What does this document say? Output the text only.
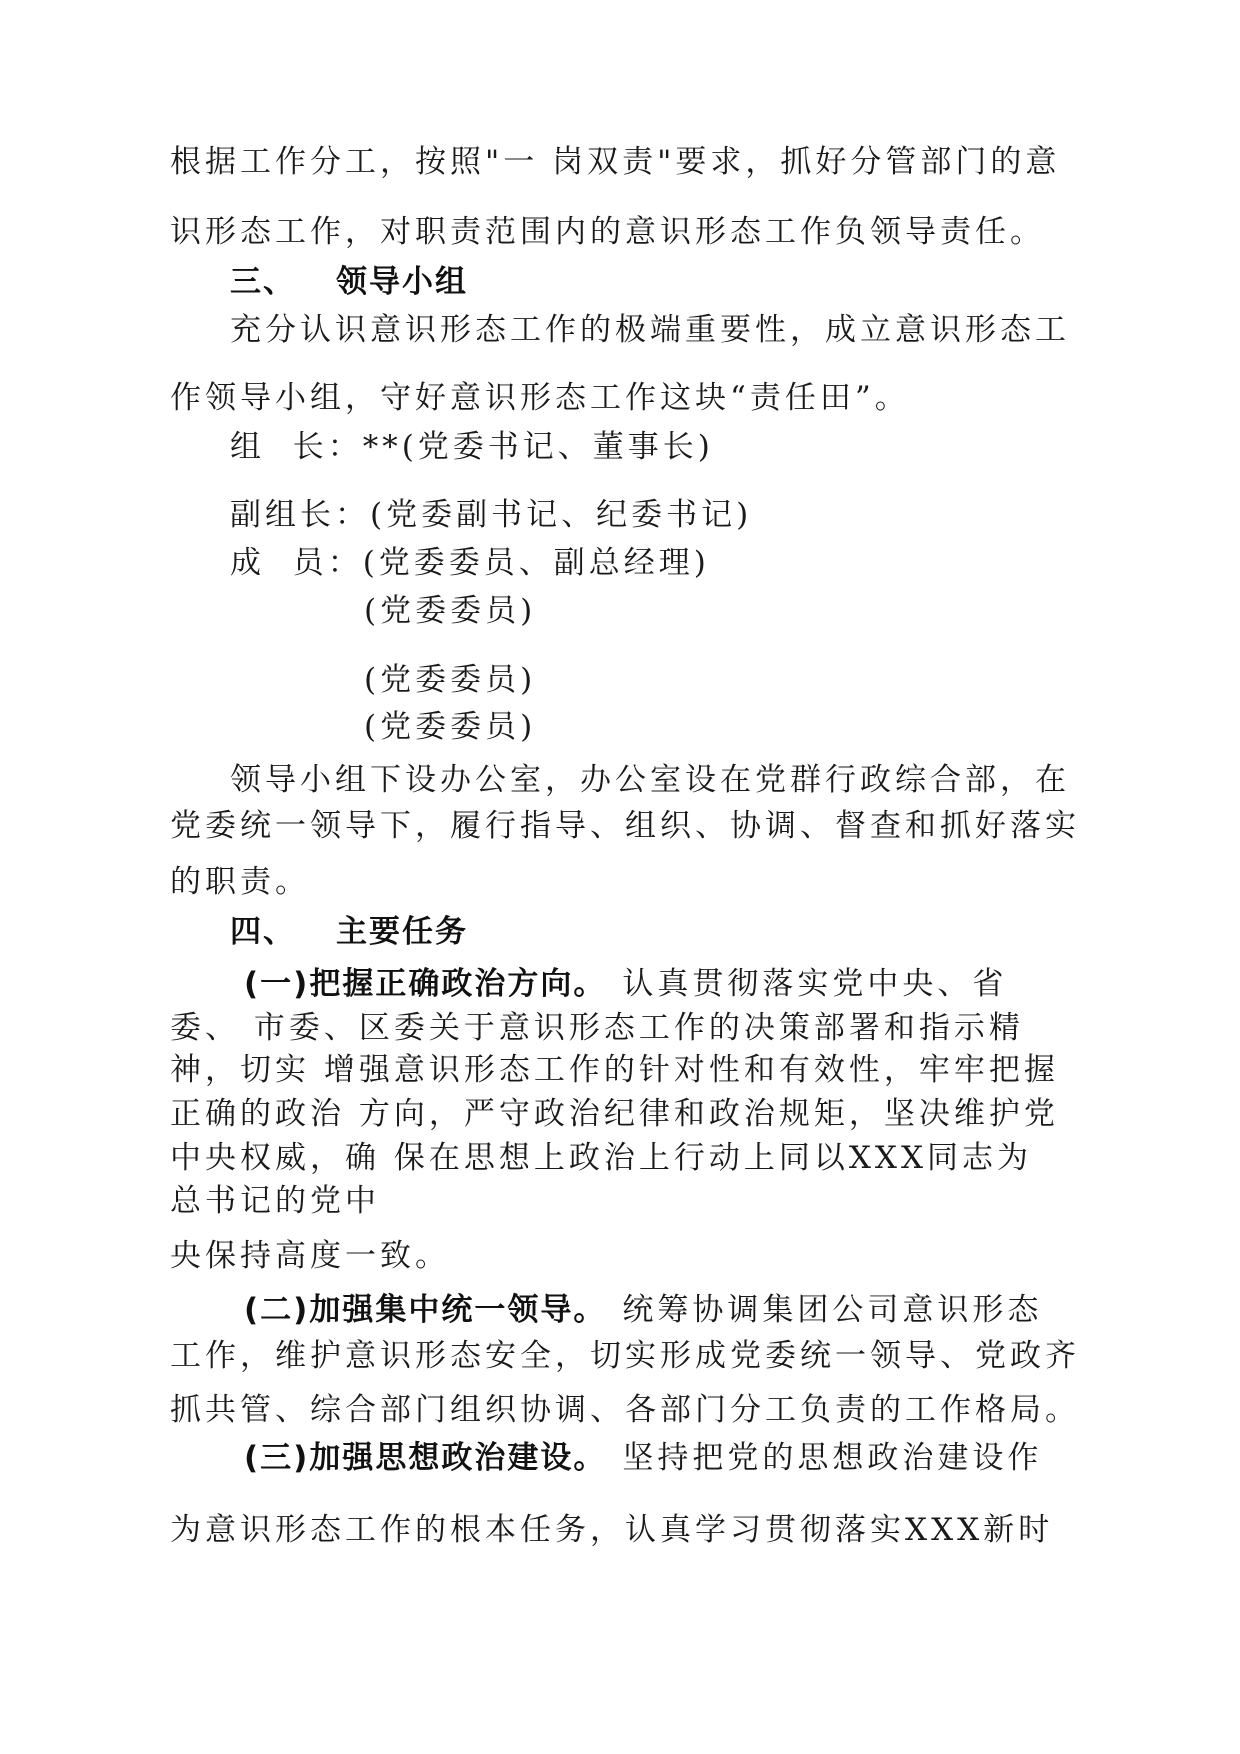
根据工作分工，按照"一 岗双责"要求，抓好分管部门的意
识形态工作，对职责范围内的意识形态工作负领导责任。
三、 领导小组
充分认识意识形态工作的极端重要性，成立意识形态工
作领导小组，守好意识形态工作这块“责任田”。
组  长：**(党委书记、董事长)
副组长：(党委副书记、纪委书记)
成  员：(党委委员、副总经理)
(党委委员)
(党委委员)
(党委委员)
领导小组下设办公室，办公室设在党群行政综合部，在
党委统一领导下，履行指导、组织、协调、督查和抓好落实
的职责。
四、 主要任务
(一)把握正确政治方向。 认真贯彻落实党中央、省
委、 市委、区委关于意识形态工作的决策部署和指示精
神，切实 增强意识形态工作的针对性和有效性，牢牢把握
正确的政治 方向，严守政治纪律和政治规矩，坚决维护党
中央权威，确 保在思想上政治上行动上同以XXX同志为
总书记的党中
央保持高度一致。
(二)加强集中统一领导。 统筹协调集团公司意识形态
工作，维护意识形态安全，切实形成党委统一领导、党政齐
抓共管、综合部门组织协调、各部门分工负责的工作格局。
(三)加强思想政治建设。 坚持把党的思想政治建设作
为意识形态工作的根本任务，认真学习贯彻落实XXX新时
